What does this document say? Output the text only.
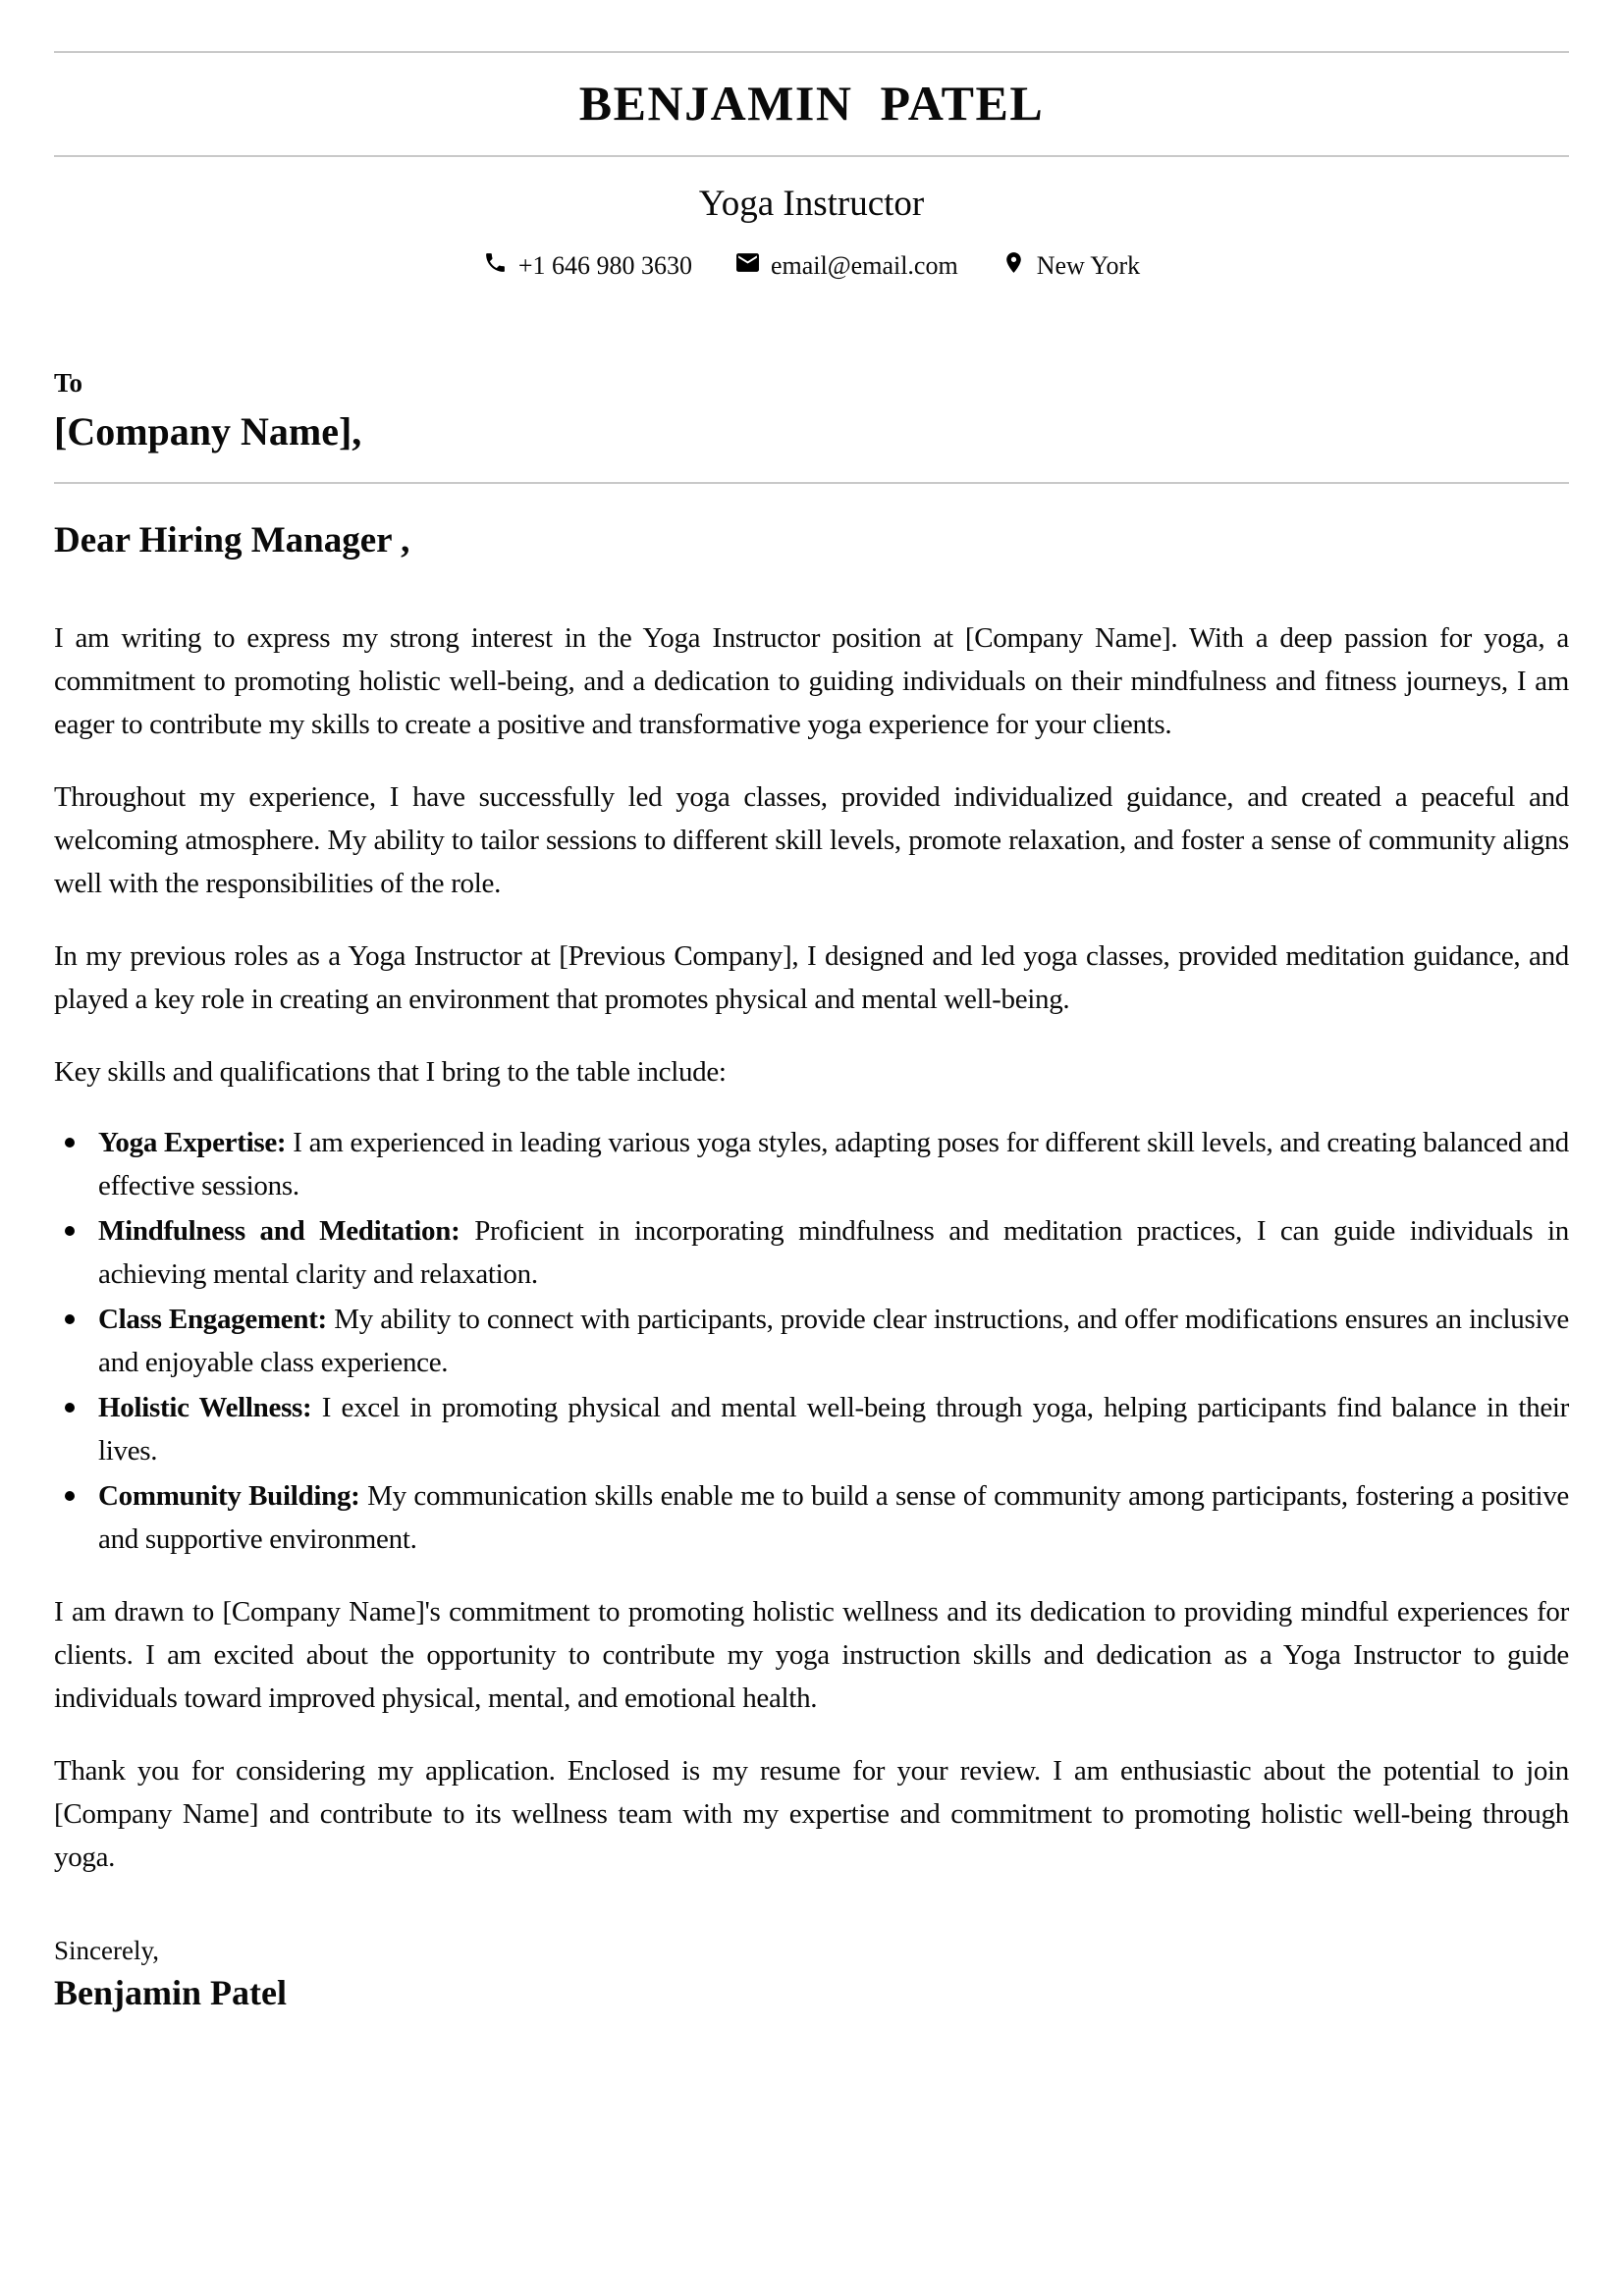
BENJAMIN PATEL
Yoga Instructor
+1 646 980 3630	email@email.com	New York

To

[Company Name],

Dear Hiring Manager ,

I am writing to express my strong interest in the Yoga Instructor position at [Company Name]. With a deep passion for yoga, a commitment to promoting holistic well-being, and a dedication to guiding individuals on their mindfulness and fitness journeys, I am eager to contribute my skills to create a positive and transformative yoga experience for your clients.

Throughout my experience, I have successfully led yoga classes, provided individualized guidance, and created a peaceful and welcoming atmosphere. My ability to tailor sessions to different skill levels, promote relaxation, and foster a sense of community aligns well with the responsibilities of the role.

In my previous roles as a Yoga Instructor at [Previous Company], I designed and led yoga classes, provided meditation guidance, and played a key role in creating an environment that promotes physical and mental well-being.

Key skills and qualifications that I bring to the table include:

Yoga Expertise: I am experienced in leading various yoga styles, adapting poses for different skill levels, and creating balanced and effective sessions.
Mindfulness and Meditation: Proficient in incorporating mindfulness and meditation practices, I can guide individuals in achieving mental clarity and relaxation.
Class Engagement: My ability to connect with participants, provide clear instructions, and offer modifications ensures an inclusive and enjoyable class experience.
Holistic Wellness: I excel in promoting physical and mental well-being through yoga, helping participants find balance in their lives.
Community Building: My communication skills enable me to build a sense of community among participants, fostering a positive and supportive environment.

I am drawn to [Company Name]'s commitment to promoting holistic wellness and its dedication to providing mindful experiences for clients. I am excited about the opportunity to contribute my yoga instruction skills and dedication as a Yoga Instructor to guide individuals toward improved physical, mental, and emotional health.

Thank you for considering my application. Enclosed is my resume for your review. I am enthusiastic about the potential to join [Company Name] and contribute to its wellness team with my expertise and commitment to promoting holistic well-being through yoga.

Sincerely,

Benjamin Patel
